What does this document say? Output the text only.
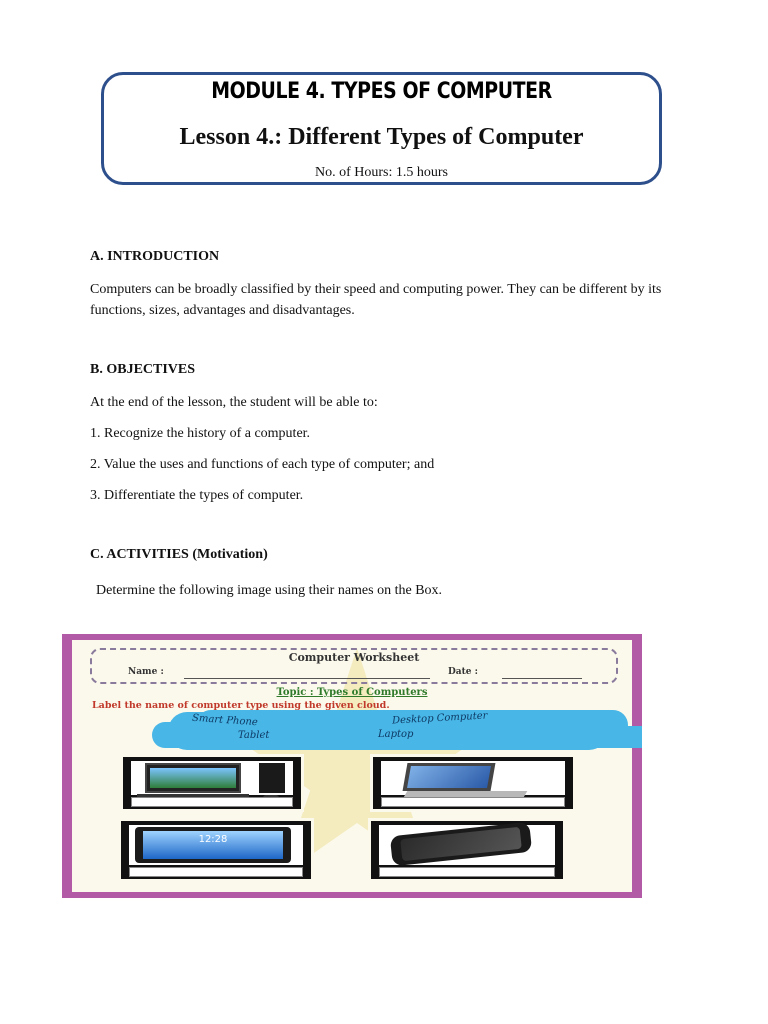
MODULE 4. TYPES OF COMPUTER
Lesson 4.: Different Types of Computer
No. of Hours: 1.5 hours
A. INTRODUCTION
Computers can be broadly classified by their speed and computing power. They can be different by its functions, sizes, advantages and disadvantages.
B. OBJECTIVES
At the end of the lesson, the student will be able to:
1. Recognize the history of a computer.
2. Value the uses and functions of each type of computer; and
3. Differentiate the types of computer.
C. ACTIVITIES (Motivation)
Determine the following image using their names on the Box.
Computer Worksheet
Name :	Date :
Topic : Types of Computers
Label the name of computer type using the given cloud.
Smart Phone
Tablet
Desktop Computer
Laptop
12:28
